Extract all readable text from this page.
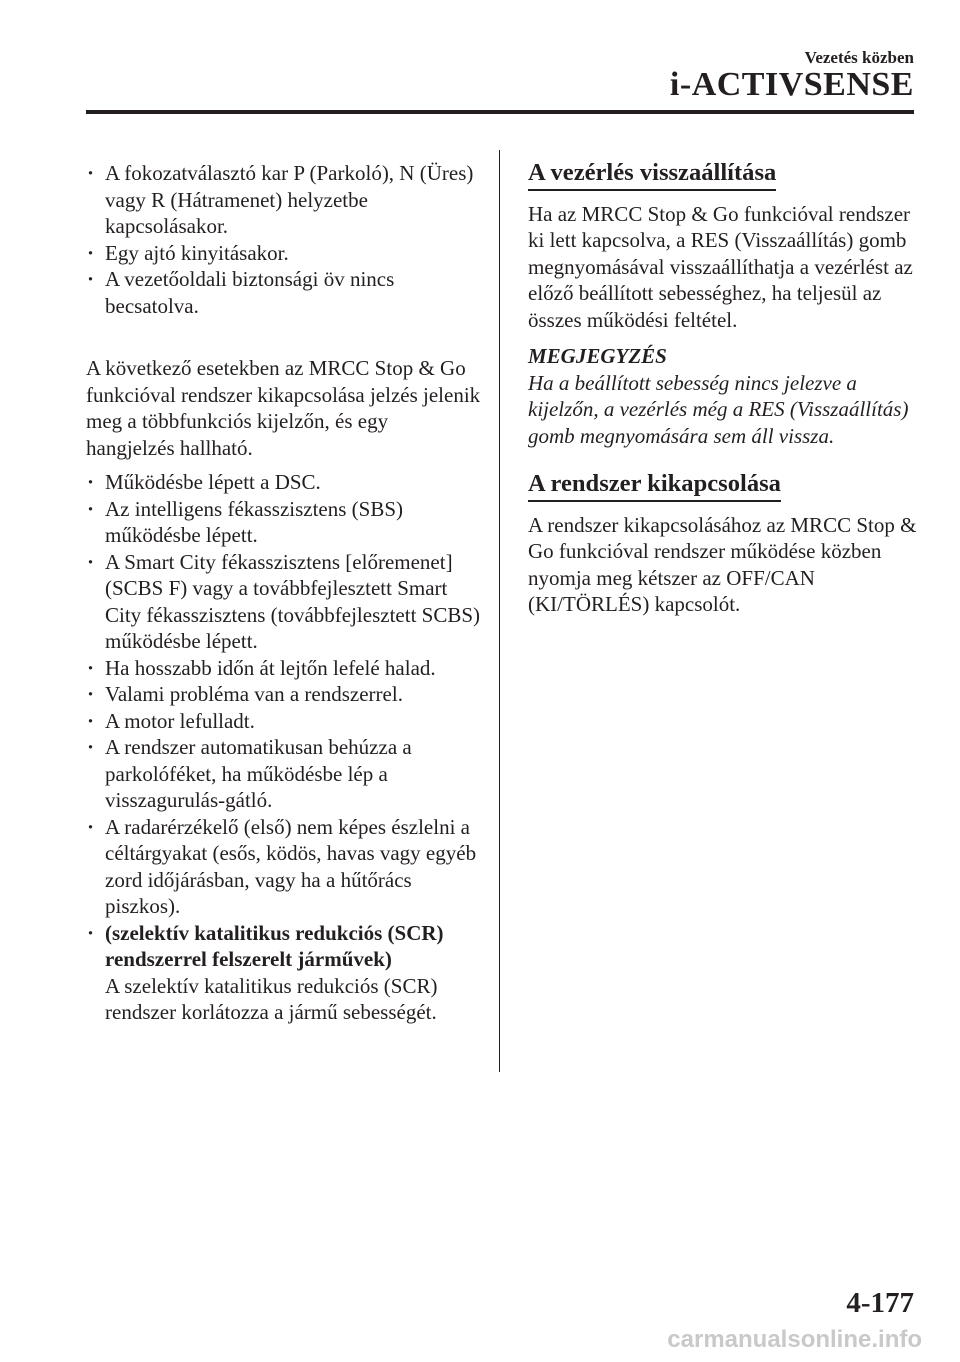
Vezetés közben
i-ACTIVSENSE
· A fokozatválasztó kar P (Parkoló), N (Üres) vagy R (Hátramenet) helyzetbe kapcsolásakor.
· Egy ajtó kinyitásakor.
· A vezetőoldali biztonsági öv nincs becsatolva.

A következő esetekben az MRCC Stop & Go funkcióval rendszer kikapcsolása jelzés jelenik meg a többfunkciós kijelzőn, és egy hangjelzés hallható.

· Működésbe lépett a DSC.
· Az intelligens fékasszisztens (SBS) működésbe lépett.
· A Smart City fékasszisztens [előremenet] (SCBS F) vagy a továbbfejlesztett Smart City fékasszisztens (továbbfejlesztett SCBS) működésbe lépett.
· Ha hosszabb időn át lejtőn lefelé halad.
· Valami probléma van a rendszerrel.
· A motor lefulladt.
· A rendszer automatikusan behúzza a parkolóféket, ha működésbe lép a visszagurulás-gátló.
· A radarérzékelő (első) nem képes észlelni a céltárgyakat (esős, ködös, havas vagy egyéb zord időjárásban, vagy ha a hűtőrács piszkos).
· (szelektív katalitikus redukciós (SCR) rendszerrel felszerelt járművek)
A szelektív katalitikus redukciós (SCR) rendszer korlátozza a jármű sebességét.
A vezérlés visszaállítása

Ha az MRCC Stop & Go funkcióval rendszer ki lett kapcsolva, a RES (Visszaállítás) gomb megnyomásával visszaállíthatja a vezérlést az előző beállított sebességhez, ha teljesül az összes működési feltétel.

MEGJEGYZÉS
Ha a beállított sebesség nincs jelezve a kijelzőn, a vezérlés még a RES (Visszaállítás) gomb megnyomására sem áll vissza.
A rendszer kikapcsolása

A rendszer kikapcsolásához az MRCC Stop & Go funkcióval rendszer működése közben nyomja meg kétszer az OFF/CAN (KI/TÖRLÉS) kapcsolót.

4-177
carmanualsonline.info
